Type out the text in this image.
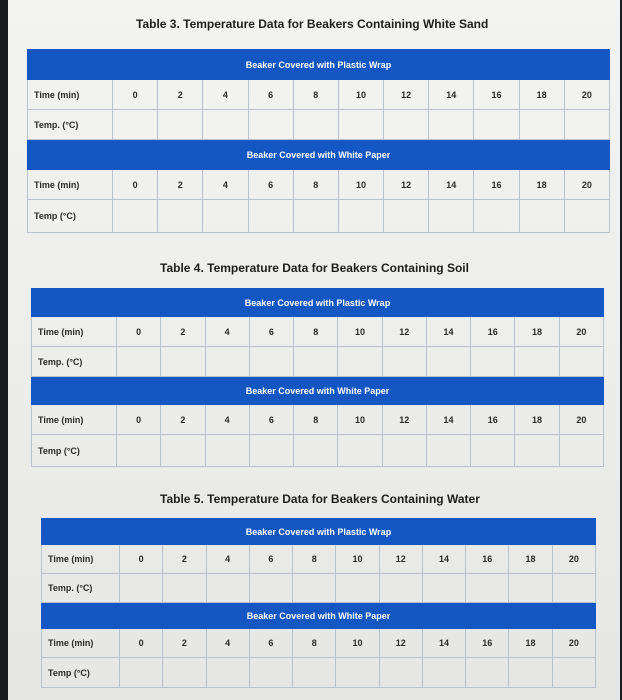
Table 3. Temperature Data for Beakers Containing White Sand
Beaker Covered with Plastic Wrap											
Time (min)	0	2	4	6	8	10	12	14	16	18	20
Temp. (°C)											
Beaker Covered with White Paper											
Time (min)	0	2	4	6	8	10	12	14	16	18	20
Temp (°C)											
Table 4. Temperature Data for Beakers Containing Soil
Beaker Covered with Plastic Wrap											
Time (min)	0	2	4	6	8	10	12	14	16	18	20
Temp. (°C)											
Beaker Covered with White Paper											
Time (min)	0	2	4	6	8	10	12	14	16	18	20
Temp (°C)											
Table 5. Temperature Data for Beakers Containing Water
Beaker Covered with Plastic Wrap											
Time (min)	0	2	4	6	8	10	12	14	16	18	20
Temp. (°C)											
Beaker Covered with White Paper											
Time (min)	0	2	4	6	8	10	12	14	16	18	20
Temp (°C)											
